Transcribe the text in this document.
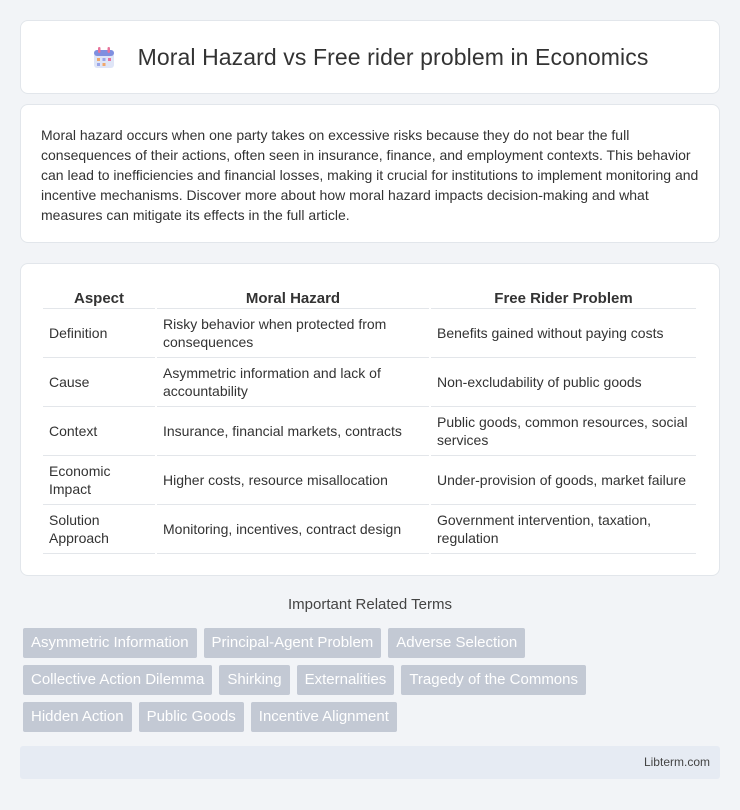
Moral Hazard vs Free rider problem in Economics

Moral hazard occurs when one party takes on excessive risks because they do not bear the full consequences of their actions, often seen in insurance, finance, and employment contexts. This behavior can lead to inefficiencies and financial losses, making it crucial for institutions to implement monitoring and incentive mechanisms. Discover more about how moral hazard impacts decision-making and what measures can mitigate its effects in the full article.

Aspect	Moral Hazard	Free Rider Problem
Definition	Risky behavior when protected from consequences	Benefits gained without paying costs
Cause	Asymmetric information and lack of accountability	Non-excludability of public goods
Context	Insurance, financial markets, contracts	Public goods, common resources, social services
Economic Impact	Higher costs, resource misallocation	Under-provision of goods, market failure
Solution Approach	Monitoring, incentives, contract design	Government intervention, taxation, regulation
Important Related Terms
Asymmetric Information	Principal-Agent Problem	Adverse Selection
Collective Action Dilemma	Shirking	Externalities	Tragedy of the Commons
Hidden Action	Public Goods	Incentive Alignment
Libterm.com
